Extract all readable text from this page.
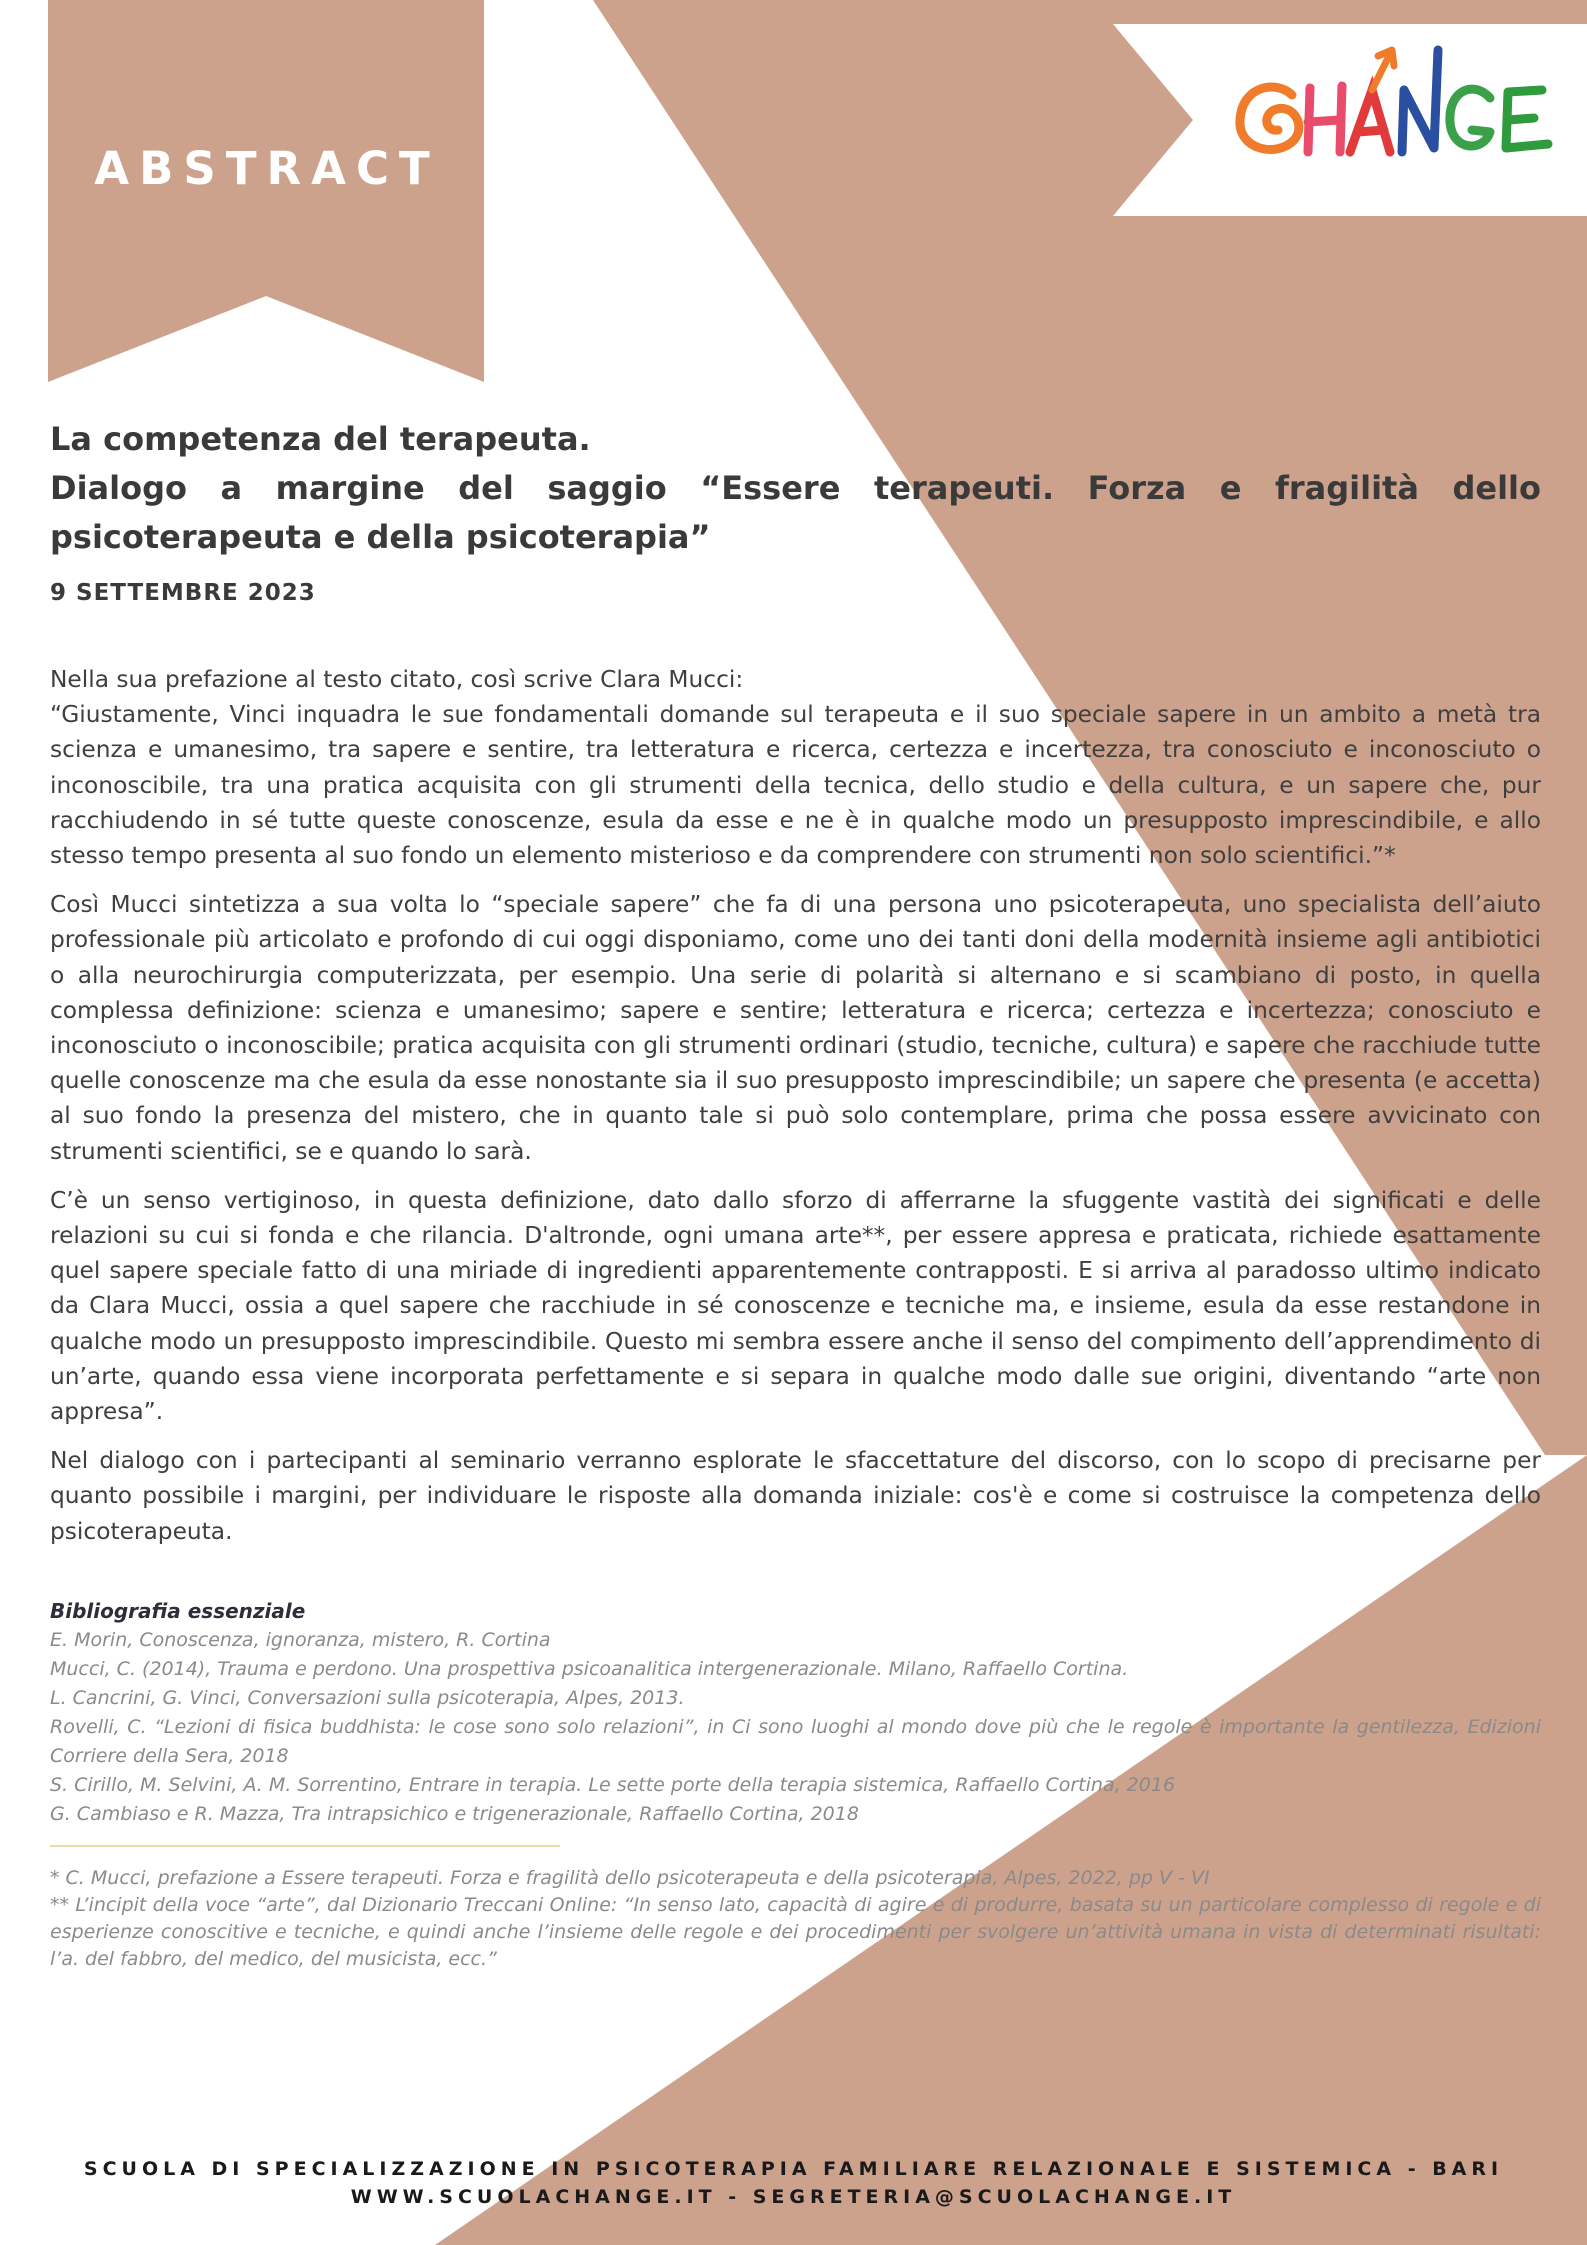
ABSTRACT
La competenza del terapeuta.
Dialogo a margine del saggio “Essere terapeuti. Forza e fragilità dello
psicoterapeuta e della psicoterapia”
9 SETTEMBRE 2023

Nella sua prefazione al testo citato, così scrive Clara Mucci:
“Giustamente, Vinci inquadra le sue fondamentali domande sul terapeuta e il suo speciale sapere in un ambito a metà tra scienza e umanesimo, tra sapere e sentire, tra letteratura e ricerca, certezza e incertezza, tra conosciuto e inconosciuto o inconoscibile, tra una pratica acquisita con gli strumenti della tecnica, dello studio e della cultura, e un sapere che, pur racchiudendo in sé tutte queste conoscenze, esula da esse e ne è in qualche modo un presupposto imprescindibile, e allo stesso tempo presenta al suo fondo un elemento misterioso e da comprendere con strumenti non solo scientifici.”*

Così Mucci sintetizza a sua volta lo “speciale sapere” che fa di una persona uno psicoterapeuta, uno specialista dell’aiuto professionale più articolato e profondo di cui oggi disponiamo, come uno dei tanti doni della modernità insieme agli antibiotici o alla neurochirurgia computerizzata, per esempio. Una serie di polarità si alternano e si scambiano di posto, in quella complessa definizione: scienza e umanesimo; sapere e sentire; letteratura e ricerca; certezza e incertezza; conosciuto e inconosciuto o inconoscibile; pratica acquisita con gli strumenti ordinari (studio, tecniche, cultura) e sapere che racchiude tutte quelle conoscenze ma che esula da esse nonostante sia il suo presupposto imprescindibile; un sapere che presenta (e accetta) al suo fondo la presenza del mistero, che in quanto tale si può solo contemplare, prima che possa essere avvicinato con strumenti scientifici, se e quando lo sarà.

C’è un senso vertiginoso, in questa definizione, dato dallo sforzo di afferrarne la sfuggente vastità dei significati e delle relazioni su cui si fonda e che rilancia. D'altronde, ogni umana arte**, per essere appresa e praticata, richiede esattamente quel sapere speciale fatto di una miriade di ingredienti apparentemente contrapposti. E si arriva al paradosso ultimo indicato da Clara Mucci, ossia a quel sapere che racchiude in sé conoscenze e tecniche ma, e insieme, esula da esse restandone in qualche modo un presupposto imprescindibile. Questo mi sembra essere anche il senso del compimento dell’apprendimento di un’arte, quando essa viene incorporata perfettamente e si separa in qualche modo dalle sue origini, diventando “arte non appresa”.

Nel dialogo con i partecipanti al seminario verranno esplorate le sfaccettature del discorso, con lo scopo di precisarne per quanto possibile i margini, per individuare le risposte alla domanda iniziale: cos'è e come si costruisce la competenza dello psicoterapeuta.

Bibliografia essenziale
E. Morin, Conoscenza, ignoranza, mistero, R. Cortina
Mucci, C. (2014), Trauma e perdono. Una prospettiva psicoanalitica intergenerazionale. Milano, Raffaello Cortina.
L. Cancrini, G. Vinci, Conversazioni sulla psicoterapia, Alpes, 2013.
Rovelli, C. “Lezioni di fisica buddhista: le cose sono solo relazioni”, in Ci sono luoghi al mondo dove più che le regole è importante la gentilezza, Edizioni Corriere della Sera, 2018
S. Cirillo, M. Selvini, A. M. Sorrentino, Entrare in terapia. Le sette porte della terapia sistemica, Raffaello Cortina, 2016
G. Cambiaso e R. Mazza, Tra intrapsichico e trigenerazionale, Raffaello Cortina, 2018
* C. Mucci, prefazione a Essere terapeuti. Forza e fragilità dello psicoterapeuta e della psicoterapia, Alpes, 2022, pp V - VI
** L’incipit della voce “arte”, dal Dizionario Treccani Online: “In senso lato, capacità di agire e di produrre, basata su un particolare complesso di regole e di esperienze conoscitive e tecniche, e quindi anche l’insieme delle regole e dei procedimenti per svolgere un’attività umana in vista di determinati risultati: l’a. del fabbro, del medico, del musicista, ecc.”
SCUOLA DI SPECIALIZZAZIONE IN PSICOTERAPIA FAMILIARE RELAZIONALE E SISTEMICA - BARI
WWW.SCUOLACHANGE.IT - SEGRETERIA@SCUOLACHANGE.IT
